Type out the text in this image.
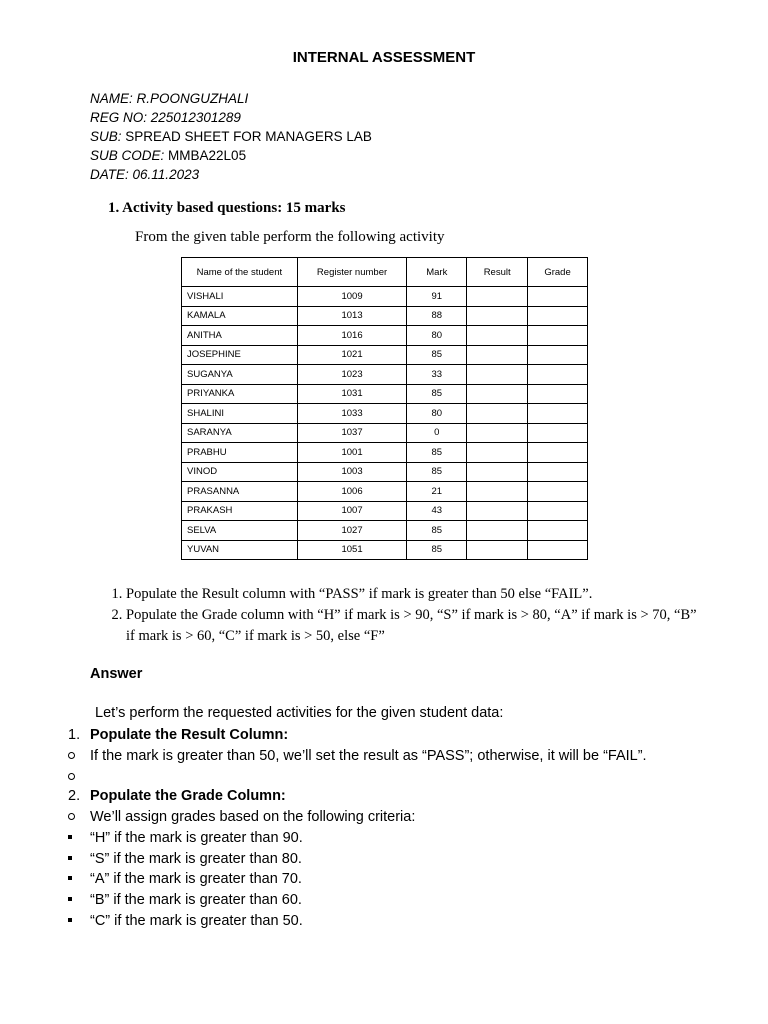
INTERNAL ASSESSMENT
NAME: R.POONGUZHALI
REG NO: 225012301289
SUB: SPREAD SHEET FOR MANAGERS LAB
SUB CODE: MMBA22L05
DATE: 06.11.2023
1. Activity based questions: 15 marks
From the given table perform the following activity
Name of the student	Register number	Mark	Result	Grade
VISHALI	1009	91		
KAMALA	1013	88		
ANITHA	1016	80		
JOSEPHINE	1021	85		
SUGANYA	1023	33		
PRIYANKA	1031	85		
SHALINI	1033	80		
SARANYA	1037	0		
PRABHU	1001	85		
VINOD	1003	85		
PRASANNA	1006	21		
PRAKASH	1007	43		
SELVA	1027	85		
YUVAN	1051	85		
1. Populate the Result column with “PASS” if mark is greater than 50 else “FAIL”.
2. Populate the Grade column with “H” if mark is > 90, “S” if mark is > 80, “A” if mark is > 70, “B” if mark is > 60, “C” if mark is > 50, else “F”
Answer
Let’s perform the requested activities for the given student data:
1. Populate the Result Column:
If the mark is greater than 50, we’ll set the result as “PASS”; otherwise, it will be “FAIL”.
2. Populate the Grade Column:
We’ll assign grades based on the following criteria:
“H” if the mark is greater than 90.
“S” if the mark is greater than 80.
“A” if the mark is greater than 70.
“B” if the mark is greater than 60.
“C” if the mark is greater than 50.
